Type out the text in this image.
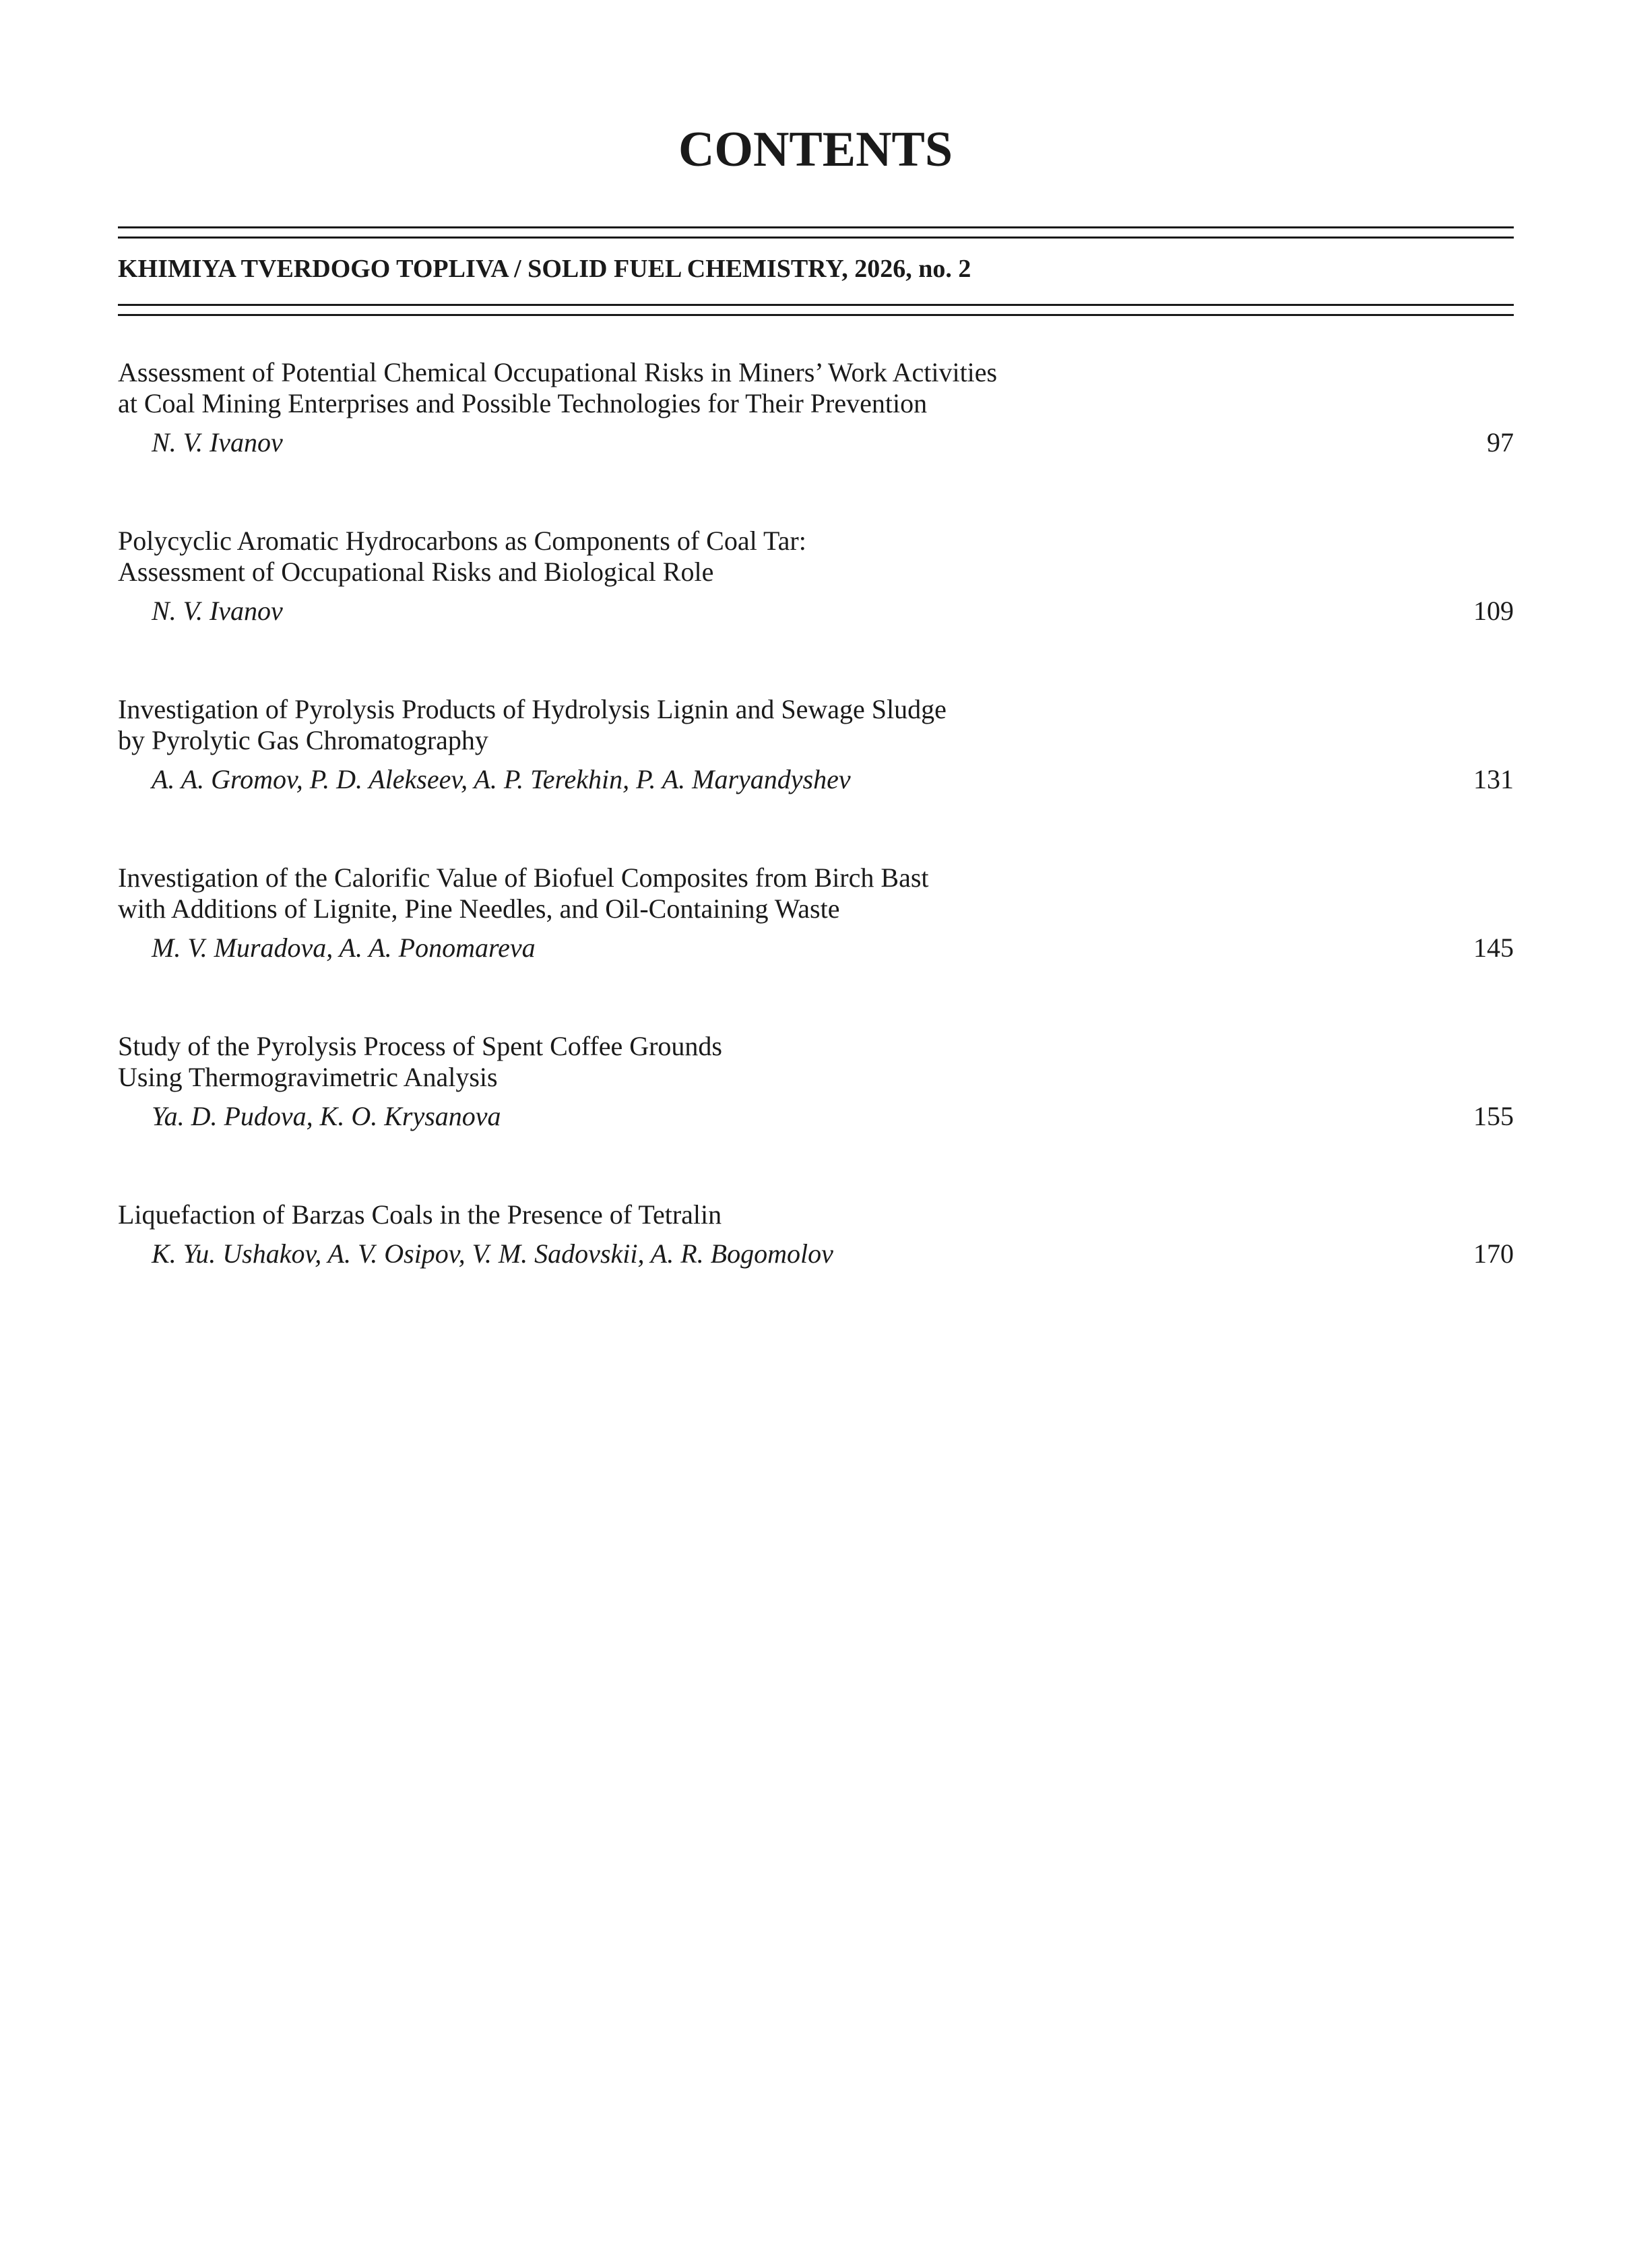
CONTENTS
KHIMIYA TVERDOGO TOPLIVA / SOLID FUEL CHEMISTRY, 2026, no. 2
Assessment of Potential Chemical Occupational Risks in Miners’ Work Activities
at Coal Mining Enterprises and Possible Technologies for Their Prevention
N. V. Ivanov	97
Polycyclic Aromatic Hydrocarbons as Components of Coal Tar:
Assessment of Occupational Risks and Biological Role
N. V. Ivanov	109
Investigation of Pyrolysis Products of Hydrolysis Lignin and Sewage Sludge
by Pyrolytic Gas Chromatography
A. A. Gromov, P. D. Alekseev, A. P. Terekhin, P. A. Maryandyshev	131
Investigation of the Calorific Value of Biofuel Composites from Birch Bast
with Additions of Lignite, Pine Needles, and Oil-Containing Waste
M. V. Muradova, A. A. Ponomareva	145
Study of the Pyrolysis Process of Spent Coffee Grounds
Using Thermogravimetric Analysis
Ya. D. Pudova, K. O. Krysanova	155
Liquefaction of Barzas Coals in the Presence of Tetralin
K. Yu. Ushakov, A. V. Osipov, V. M. Sadovskii, A. R. Bogomolov	170
